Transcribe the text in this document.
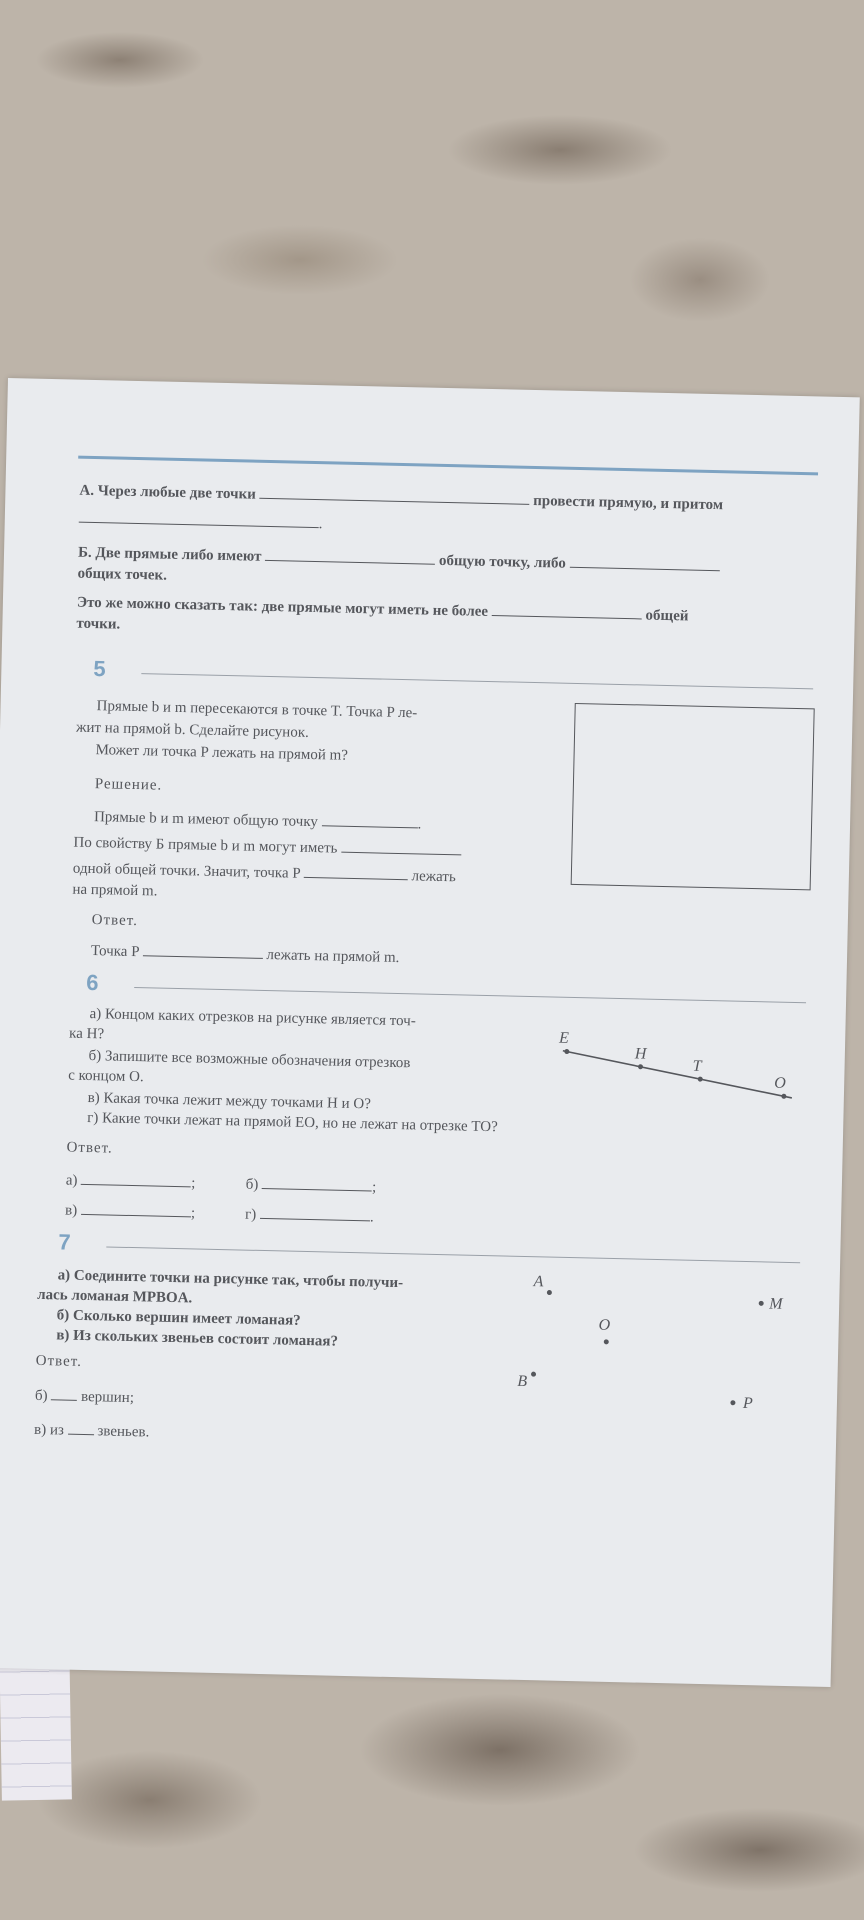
А. Через любые две точки  провести прямую, и притом
.
Б. Две прямые либо имеют	общую точку, либо
общих точек.
Это же можно сказать так: две прямые могут иметь не более	общей
точки.
5
Прямые b и m пересекаются в точке T. Точка P ле-
жит на прямой b. Сделайте рисунок.
Может ли точка P лежать на прямой m?
Решение.
Прямые b и m имеют общую точку	.
По свойству Б прямые b и m могут иметь
одной общей точки. Значит, точка P	лежать
на прямой m.
Ответ.
Точка P	лежать на прямой m.
6
а) Концом каких отрезков на рисунке является точ-
ка H?
б) Запишите все возможные обозначения отрезков
с концом O.
в) Какая точка лежит между точками H и O?
г) Какие точки лежат на прямой EO, но не лежат на отрезке TO?
E
H
T
O
Ответ.
а)	;	б)	;
в)	;	г)	.
7
а) Соедините точки на рисунке так, чтобы получи-
лась ломаная MPBOA.
б) Сколько вершин имеет ломаная?
в) Из скольких звеньев состоит ломаная?
Ответ.
б) вершин;
в) из звеньев.
A
M
O
B
P
